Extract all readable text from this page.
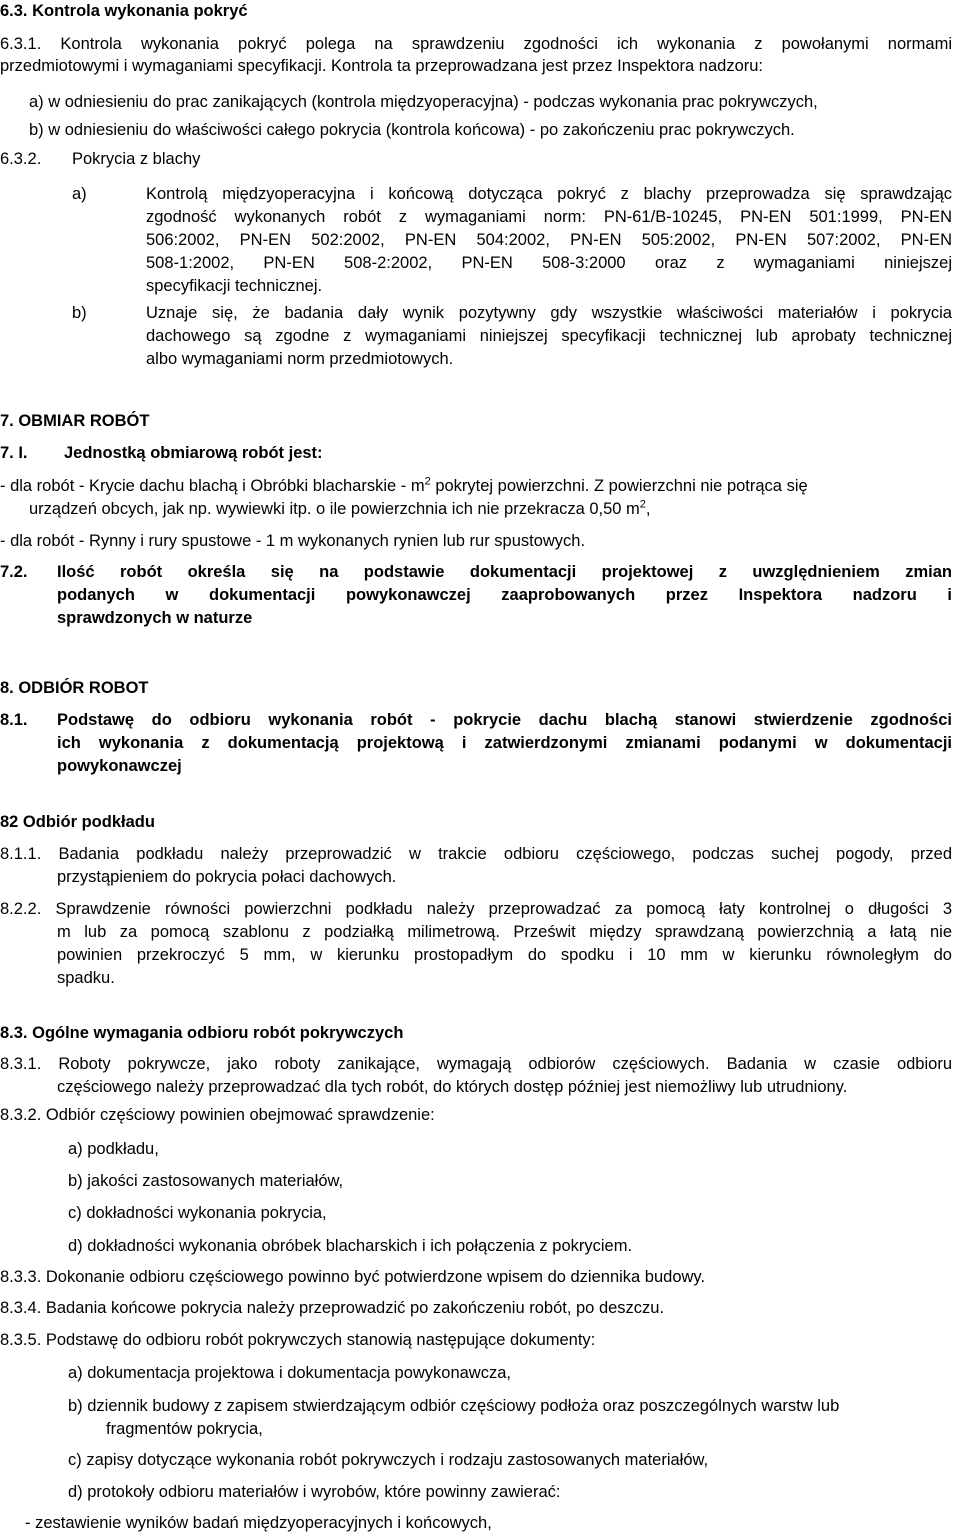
6.3. Kontrola wykonania pokryć
6.3.1. Kontrola wykonania pokryć polega na sprawdzeniu zgodności ich wykonania z powołanymi normami
przedmiotowymi i wymaganiami specyfikacji. Kontrola ta przeprowadzana jest przez Inspektora nadzoru:
a) w odniesieniu do prac zanikających (kontrola międzyoperacyjna) - podczas wykonania prac pokrywczych,
b) w odniesieniu do właściwości całego pokrycia (kontrola końcowa) - po zakończeniu prac pokrywczych.
6.3.2. Pokrycia z blachy
a)	Kontrolą międzyoperacyjna i końcową dotycząca pokryć z blachy przeprowadza się sprawdzając
zgodność wykonanych robót z wymaganiami norm: PN-61/B-10245, PN-EN 501:1999, PN-EN
506:2002, PN-EN 502:2002, PN-EN 504:2002, PN-EN 505:2002, PN-EN 507:2002, PN-EN
508-1:2002, PN-EN 508-2:2002, PN-EN 508-3:2000 oraz z wymaganiami niniejszej
specyfikacji technicznej.
b)	Uznaje się, że badania dały wynik pozytywny gdy wszystkie właściwości materiałów i pokrycia
dachowego są zgodne z wymaganiami niniejszej specyfikacji technicznej lub aprobaty technicznej
albo wymaganiami norm przedmiotowych.
7. OBMIAR ROBÓT
7. I. Jednostką obmiarową robót jest:
- dla robót - Krycie dachu blachą i Obróbki blacharskie - $m^2$ pokrytej powierzchni. Z powierzchni nie potrąca się
urządzeń obcych, jak np. wywiewki itp. o ile powierzchnia ich nie przekracza 0,50 $m^2$,
- dla robót - Rynny i rury spustowe - 1 m wykonanych rynien lub rur spustowych.
7.2. Ilość robót określa się na podstawie dokumentacji projektowej z uwzględnieniem zmian
podanych w dokumentacji powykonawczej zaaprobowanych przez Inspektora nadzoru i
sprawdzonych w naturze
8. ODBIÓR ROBOT
8.1. Podstawę do odbioru wykonania robót - pokrycie dachu blachą stanowi stwierdzenie zgodności
ich wykonania z dokumentacją projektową i zatwierdzonymi zmianami podanymi w dokumentacji
powykonawczej
82 Odbiór podkładu
8.1.1. Badania podkładu należy przeprowadzić w trakcie odbioru częściowego, podczas suchej pogody, przed
przystąpieniem do pokrycia połaci dachowych.
8.2.2. Sprawdzenie równości powierzchni podkładu należy przeprowadzać za pomocą łaty kontrolnej o długości 3
m lub za pomocą szablonu z podziałką milimetrową. Prześwit między sprawdzaną powierzchnią a łatą nie
powinien przekroczyć 5 mm, w kierunku prostopadłym do spodku i 10 mm w kierunku równoległym do
spadku.
8.3. Ogólne wymagania odbioru robót pokrywczych
8.3.1. Roboty pokrywcze, jako roboty zanikające, wymagają odbiorów częściowych. Badania w czasie odbioru
częściowego należy przeprowadzać dla tych robót, do których dostęp później jest niemożliwy lub utrudniony.
8.3.2. Odbiór częściowy powinien obejmować sprawdzenie:
a) podkładu,
b) jakości zastosowanych materiałów,
c) dokładności wykonania pokrycia,
d) dokładności wykonania obróbek blacharskich i ich połączenia z pokryciem.
8.3.3. Dokonanie odbioru częściowego powinno być potwierdzone wpisem do dziennika budowy.
8.3.4. Badania końcowe pokrycia należy przeprowadzić po zakończeniu robót, po deszczu.
8.3.5. Podstawę do odbioru robót pokrywczych stanowią następujące dokumenty:
a) dokumentacja projektowa i dokumentacja powykonawcza,
b) dziennik budowy z zapisem stwierdzającym odbiór częściowy podłoża oraz poszczególnych warstw lub
fragmentów pokrycia,
c) zapisy dotyczące wykonania robót pokrywczych i rodzaju zastosowanych materiałów,
d) protokoły odbioru materiałów i wyrobów, które powinny zawierać:
- zestawienie wyników badań międzyoperacyjnych i końcowych,
